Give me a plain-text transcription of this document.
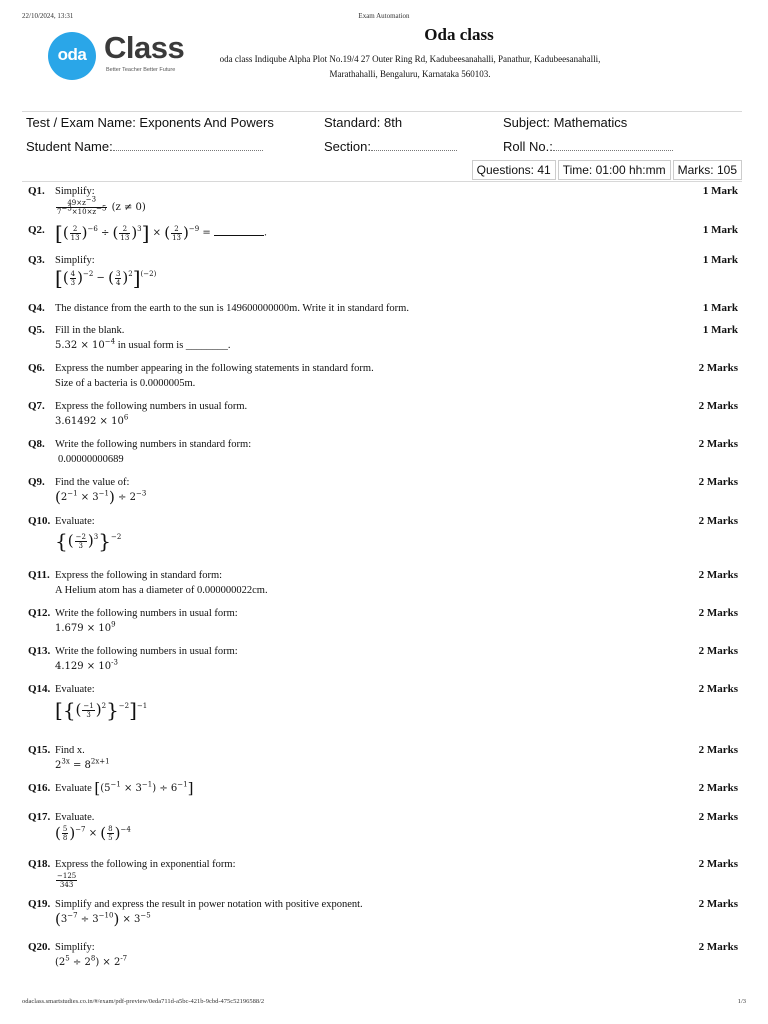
22/10/2024, 13:31	Exam Automation
oda Class
Better Teacher Better Future
Oda class
oda class Indiqube Alpha Plot No.19/4 27 Outer Ring Rd, Kadubeesanahalli, Panathur, Kadubeesanahalli,
Marathahalli, Bengaluru, Karnataka 560103.
Test / Exam Name: Exponents And Powers	Standard: 8th	Subject: Mathematics
Student Name:	Section:	Roll No.:
Questions: 41	Time: 01:00 hh:mm	Marks: 105
Q1. Simplify:
$\frac{49\times z^{-3}}{7^{-3}\times 10\times z^{-5}} (z \ne 0)$
1 Mark
Q2. [( $\frac{2}{13} )^{-6}$ ÷ ( $\frac{2}{13} )^3$] × ( $\frac{2}{13} )^{-9}$ =	.	1 Mark
Q3. Simplify:
[( $\frac{4}{3} )^{-2}$ − ( $\frac{3}{4} )^2]^{(-2)}$
1 Mark
Q4. The distance from the earth to the sun is 149600000000m. Write it in standard form.	1 Mark
Q5. Fill in the blank.
$5.32 \times 10^{-4}$ in usual form is ________.
1 Mark
Q6. Express the number appearing in the following statements in standard form.
Size of a bacteria is 0.0000005m.
2 Marks
Q7. Express the following numbers in usual form.
$3.61492 \times 10^6$
2 Marks
Q8. Write the following numbers in standard form:
0.00000000689
2 Marks
Q9. Find the value of:
$(2^{-1} \times 3^{-1}) \div 2^{-3}$
2 Marks
Q10. Evaluate:
{( $\frac{-2}{3} )^3\}^{-2}$
2 Marks
Q11. Express the following in standard form:
A Helium atom has a diameter of 0.000000022cm.
2 Marks
Q12. Write the following numbers in usual form:
$1.679 \times 10^9$
2 Marks
Q13. Write the following numbers in usual form:
$4.129 \times 10^{-3}$
2 Marks
Q14. Evaluate:
[{( $\frac{-1}{3} )^2\}^{-2}]^{-1}$
2 Marks
Q15. Find x.
$2^{3x} = 8^{2x+1}$
2 Marks
Q16. Evaluate $[(5^{-1} \times 3^{-1}) \div 6^{-1}]$	2 Marks
Q17. Evaluate.
( $\frac{5}{8} )^{-7}$ × ( $\frac{8}{5} )^{-4}$
2 Marks
Q18. Express the following in exponential form:
$\frac{-125}{343}$
2 Marks
Q19. Simplify and express the result in power notation with positive exponent.
$(3^{-7} \div 3^{-10}) \times 3^{-5}$
2 Marks
Q20. Simplify:
$(2^5 \div 2^8) \times 2^{-7}$
2 Marks
odaclass.smartstudies.co.in/#/exam/pdf-preview/0eda711d-a5bc-421b-9cbd-475c52196588/2	1/3
